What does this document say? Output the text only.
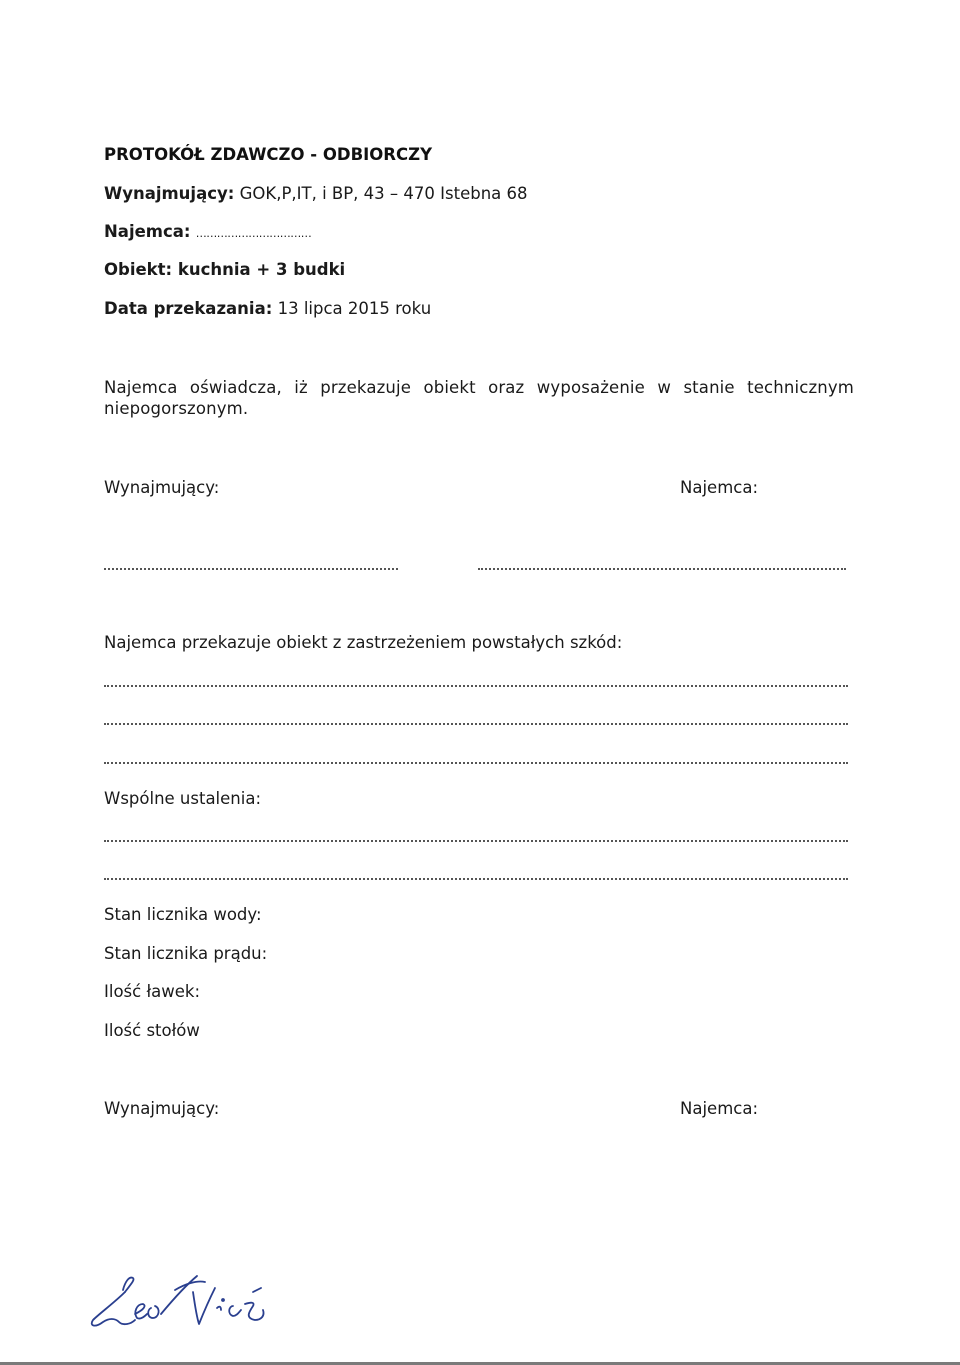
PROTOKÓŁ ZDAWCZO - ODBIORCZY
Wynajmujący: GOK,P,IT, i BP, 43 – 470 Istebna 68
Najemca: ……………………………
Obiekt: kuchnia + 3 budki
Data przekazania: 13 lipca 2015 roku
Najemca oświadcza, iż przekazuje obiekt oraz wyposażenie w stanie technicznym niepogorszonym.
Wynajmujący:	Najemca:
Najemca przekazuje obiekt z zastrzeżeniem powstałych szkód:
Wspólne ustalenia:
Stan licznika wody:
Stan licznika prądu:
Ilość ławek:
Ilość stołów
Wynajmujący:	Najemca:
